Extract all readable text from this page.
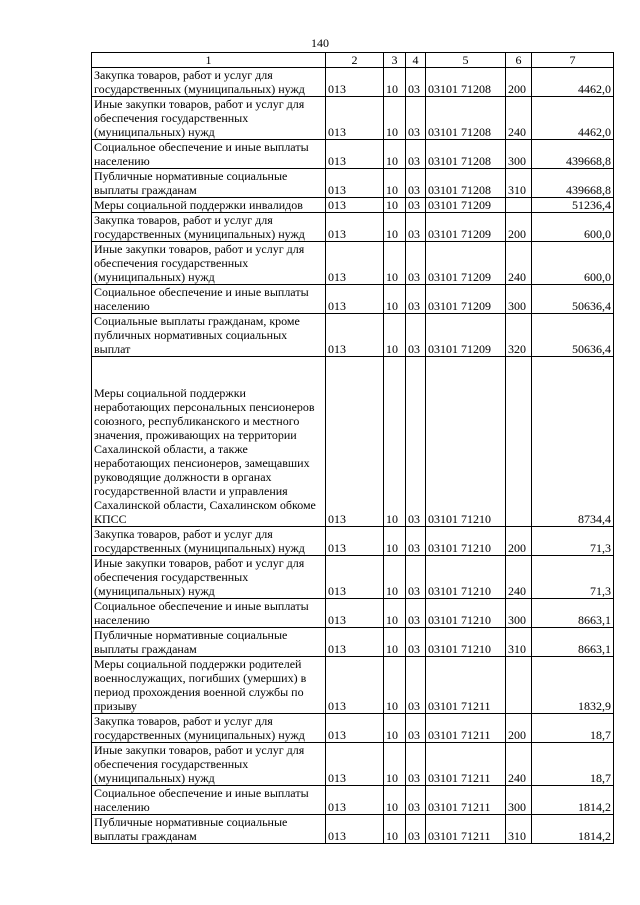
140
1	2	3	4	5	6	7
Закупка товаров, работ и услуг для государственных (муниципальных) нужд	013	10	03	03101 71208	200	4462,0
Иные закупки товаров, работ и услуг для обеспечения государственных (муниципальных) нужд	013	10	03	03101 71208	240	4462,0
Социальное обеспечение и иные выплаты населению	013	10	03	03101 71208	300	439668,8
Публичные нормативные социальные выплаты гражданам	013	10	03	03101 71208	310	439668,8
Меры социальной поддержки инвалидов	013	10	03	03101 71209		51236,4
Закупка товаров, работ и услуг для государственных (муниципальных) нужд	013	10	03	03101 71209	200	600,0
Иные закупки товаров, работ и услуг для обеспечения государственных (муниципальных) нужд	013	10	03	03101 71209	240	600,0
Социальное обеспечение и иные выплаты населению	013	10	03	03101 71209	300	50636,4
Социальные выплаты гражданам, кроме публичных нормативных социальных выплат	013	10	03	03101 71209	320	50636,4
Меры социальной поддержки неработающих персональных пенсионеров союзного, республиканского и местного значения, проживающих на территории Сахалинской области, а также неработающих пенсионеров, замещавших руководящие должности в органах государственной власти и управления Сахалинской области, Сахалинском обкоме КПСС	013	10	03	03101 71210		8734,4
Закупка товаров, работ и услуг для государственных (муниципальных) нужд	013	10	03	03101 71210	200	71,3
Иные закупки товаров, работ и услуг для обеспечения государственных (муниципальных) нужд	013	10	03	03101 71210	240	71,3
Социальное обеспечение и иные выплаты населению	013	10	03	03101 71210	300	8663,1
Публичные нормативные социальные выплаты гражданам	013	10	03	03101 71210	310	8663,1
Меры социальной поддержки родителей военнослужащих, погибших (умерших) в период прохождения военной службы по призыву	013	10	03	03101 71211		1832,9
Закупка товаров, работ и услуг для государственных (муниципальных) нужд	013	10	03	03101 71211	200	18,7
Иные закупки товаров, работ и услуг для обеспечения государственных (муниципальных) нужд	013	10	03	03101 71211	240	18,7
Социальное обеспечение и иные выплаты населению	013	10	03	03101 71211	300	1814,2
Публичные нормативные социальные выплаты гражданам	013	10	03	03101 71211	310	1814,2
